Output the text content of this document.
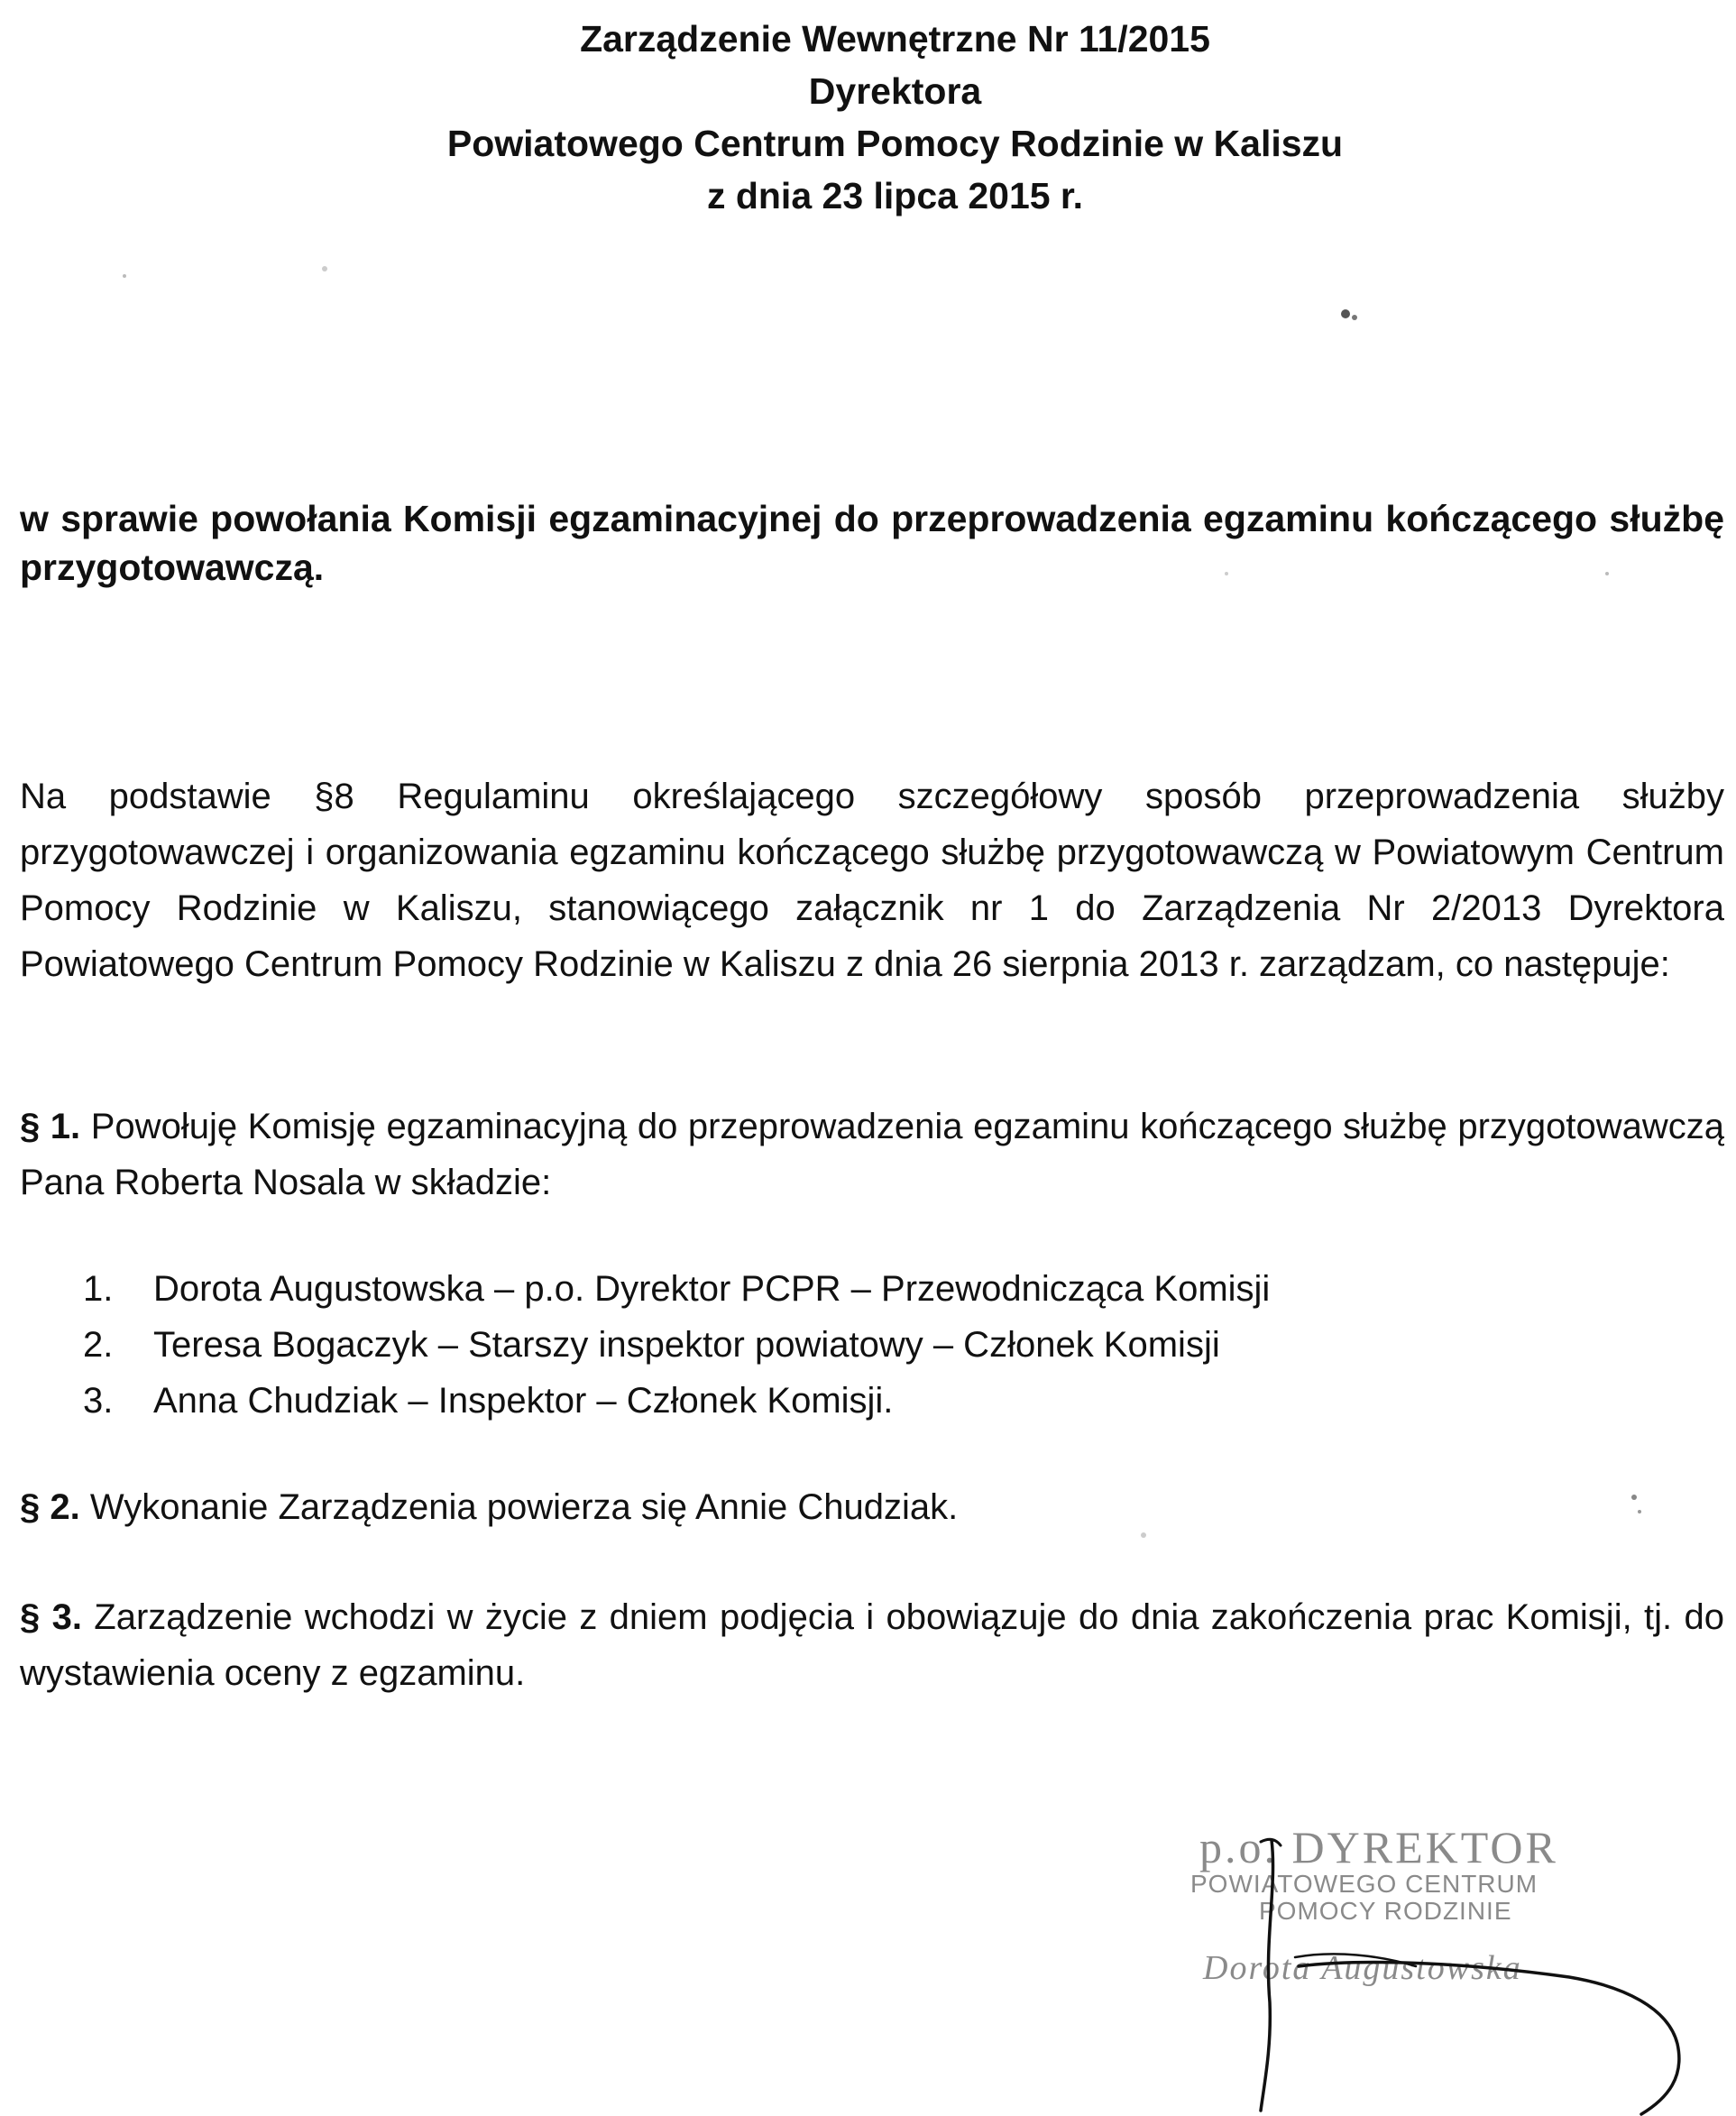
Zarządzenie Wewnętrzne Nr 11/2015
Dyrektora
Powiatowego Centrum Pomocy Rodzinie w Kaliszu
z dnia 23 lipca 2015 r.
w sprawie powołania Komisji egzaminacyjnej do przeprowadzenia egzaminu kończącego służbę przygotowawczą.
Na podstawie §8 Regulaminu określającego szczegółowy sposób przeprowadzenia służby przygotowawczej i organizowania egzaminu kończącego służbę przygotowawczą w Powiatowym Centrum Pomocy Rodzinie w Kaliszu, stanowiącego załącznik nr 1 do Zarządzenia Nr 2/2013 Dyrektora Powiatowego Centrum Pomocy Rodzinie w Kaliszu z dnia 26 sierpnia 2013 r. zarządzam, co następuje:
§ 1. Powołuję Komisję egzaminacyjną do przeprowadzenia egzaminu kończącego służbę przygotowawczą Pana Roberta Nosala w składzie:
1. Dorota Augustowska – p.o. Dyrektor PCPR – Przewodnicząca Komisji
2. Teresa Bogaczyk – Starszy inspektor powiatowy – Członek Komisji
3. Anna Chudziak – Inspektor – Członek Komisji.
§ 2. Wykonanie Zarządzenia powierza się Annie Chudziak.
§ 3. Zarządzenie wchodzi w życie z dniem podjęcia i obowiązuje do dnia zakończenia prac Komisji, tj. do wystawienia oceny z egzaminu.
p.o. DYREKTOR
POWIATOWEGO CENTRUM
POMOCY RODZINIE
Dorota Augustowska
